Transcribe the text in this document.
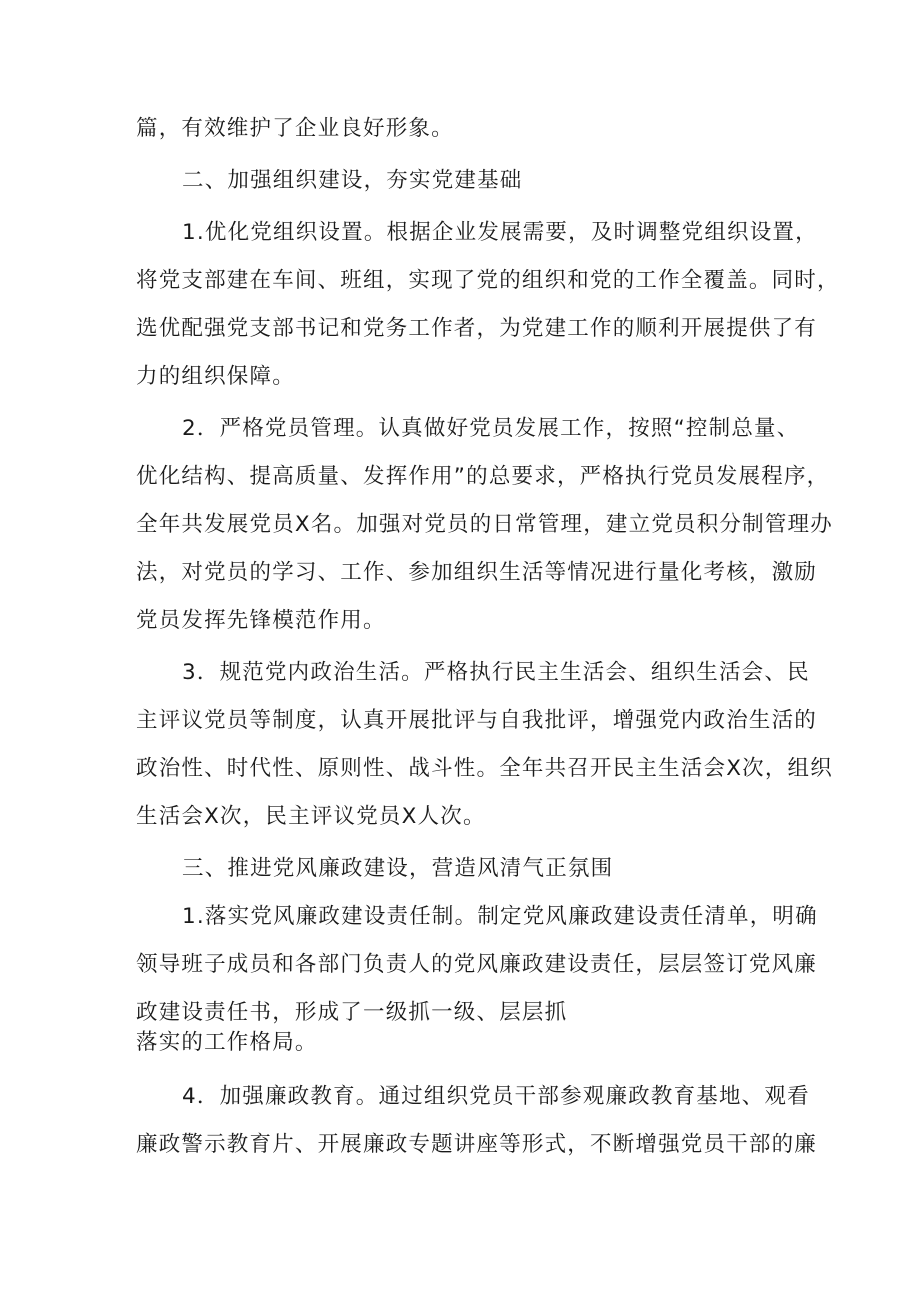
篇，有效维护了企业良好形象。
二、加强组织建设，夯实党建基础
1.优化党组织设置。根据企业发展需要，及时调整党组织设置，
将党支部建在车间、班组，实现了党的组织和党的工作全覆盖。同时，
选优配强党支部书记和党务工作者，为党建工作的顺利开展提供了有
力的组织保障。
2．严格党员管理。认真做好党员发展工作，按照“控制总量、
优化结构、提高质量、发挥作用”的总要求，严格执行党员发展程序，
全年共发展党员X名。加强对党员的日常管理，建立党员积分制管理办
法，对党员的学习、工作、参加组织生活等情况进行量化考核，激励
党员发挥先锋模范作用。
3．规范党内政治生活。严格执行民主生活会、组织生活会、民
主评议党员等制度，认真开展批评与自我批评，增强党内政治生活的
政治性、时代性、原则性、战斗性。全年共召开民主生活会X次，组织
生活会X次，民主评议党员X人次。
三、推进党风廉政建设，营造风清气正氛围
1.落实党风廉政建设责任制。制定党风廉政建设责任清单，明确
领导班子成员和各部门负责人的党风廉政建设责任，层层签订党风廉
政建设责任书，形成了一级抓一级、层层抓
落实的工作格局。
4．加强廉政教育。通过组织党员干部参观廉政教育基地、观看
廉政警示教育片、开展廉政专题讲座等形式，不断增强党员干部的廉
